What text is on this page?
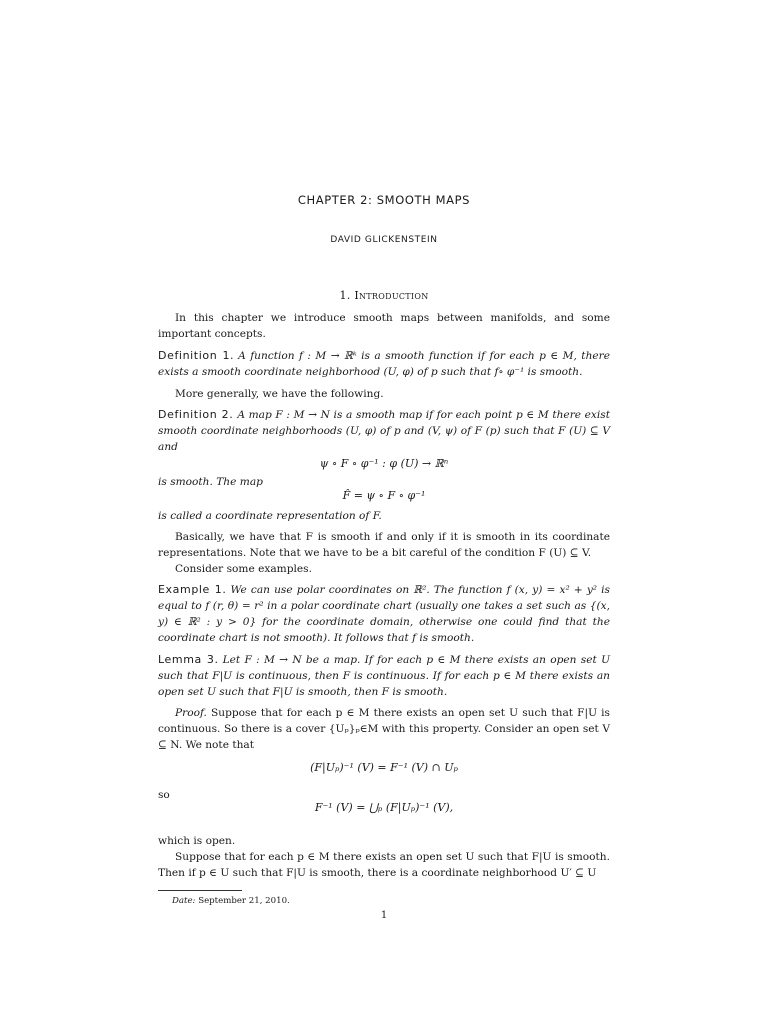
CHAPTER 2: SMOOTH MAPS
DAVID GLICKENSTEIN
1. Introduction
In this chapter we introduce smooth maps between manifolds, and some important concepts.
Definition 1. A function f : M → ℝᵏ is a smooth function if for each p ∈ M, there exists a smooth coordinate neighborhood (U, φ) of p such that f∘ φ⁻¹ is smooth.
More generally, we have the following.
Definition 2. A map F : M → N is a smooth map if for each point p ∈ M there exist smooth coordinate neighborhoods (U, φ) of p and (V, ψ) of F (p) such that F (U) ⊆ V and
ψ ∘ F ∘ φ⁻¹ : φ (U) → ℝⁿ
is smooth. The map
F̂ = ψ ∘ F ∘ φ⁻¹
is called a coordinate representation of F.
Basically, we have that F is smooth if and only if it is smooth in its coordinate representations. Note that we have to be a bit careful of the condition F (U) ⊆ V.
Consider some examples.
Example 1. We can use polar coordinates on ℝ². The function f (x, y) = x² + y² is equal to f (r, θ) = r² in a polar coordinate chart (usually one takes a set such as {(x, y) ∈ ℝ² : y > 0} for the coordinate domain, otherwise one could find that the coordinate chart is not smooth). It follows that f is smooth.
Lemma 3. Let F : M → N be a map. If for each p ∈ M there exists an open set U such that F|U is continuous, then F is continuous. If for each p ∈ M there exists an open set U such that F|U is smooth, then F is smooth.
Proof. Suppose that for each p ∈ M there exists an open set U such that F|U is continuous. So there is a cover {Uₚ}ₚ∈M with this property. Consider an open set V ⊆ N. We note that
(F|Uₚ)⁻¹ (V) = F⁻¹ (V) ∩ Uₚ
so
F⁻¹ (V) = ⋃ₚ (F|Uₚ)⁻¹ (V),
which is open.
Suppose that for each p ∈ M there exists an open set U such that F|U is smooth. Then if p ∈ U such that F|U is smooth, there is a coordinate neighborhood U′ ⊆ U
Date: September 21, 2010.
1
